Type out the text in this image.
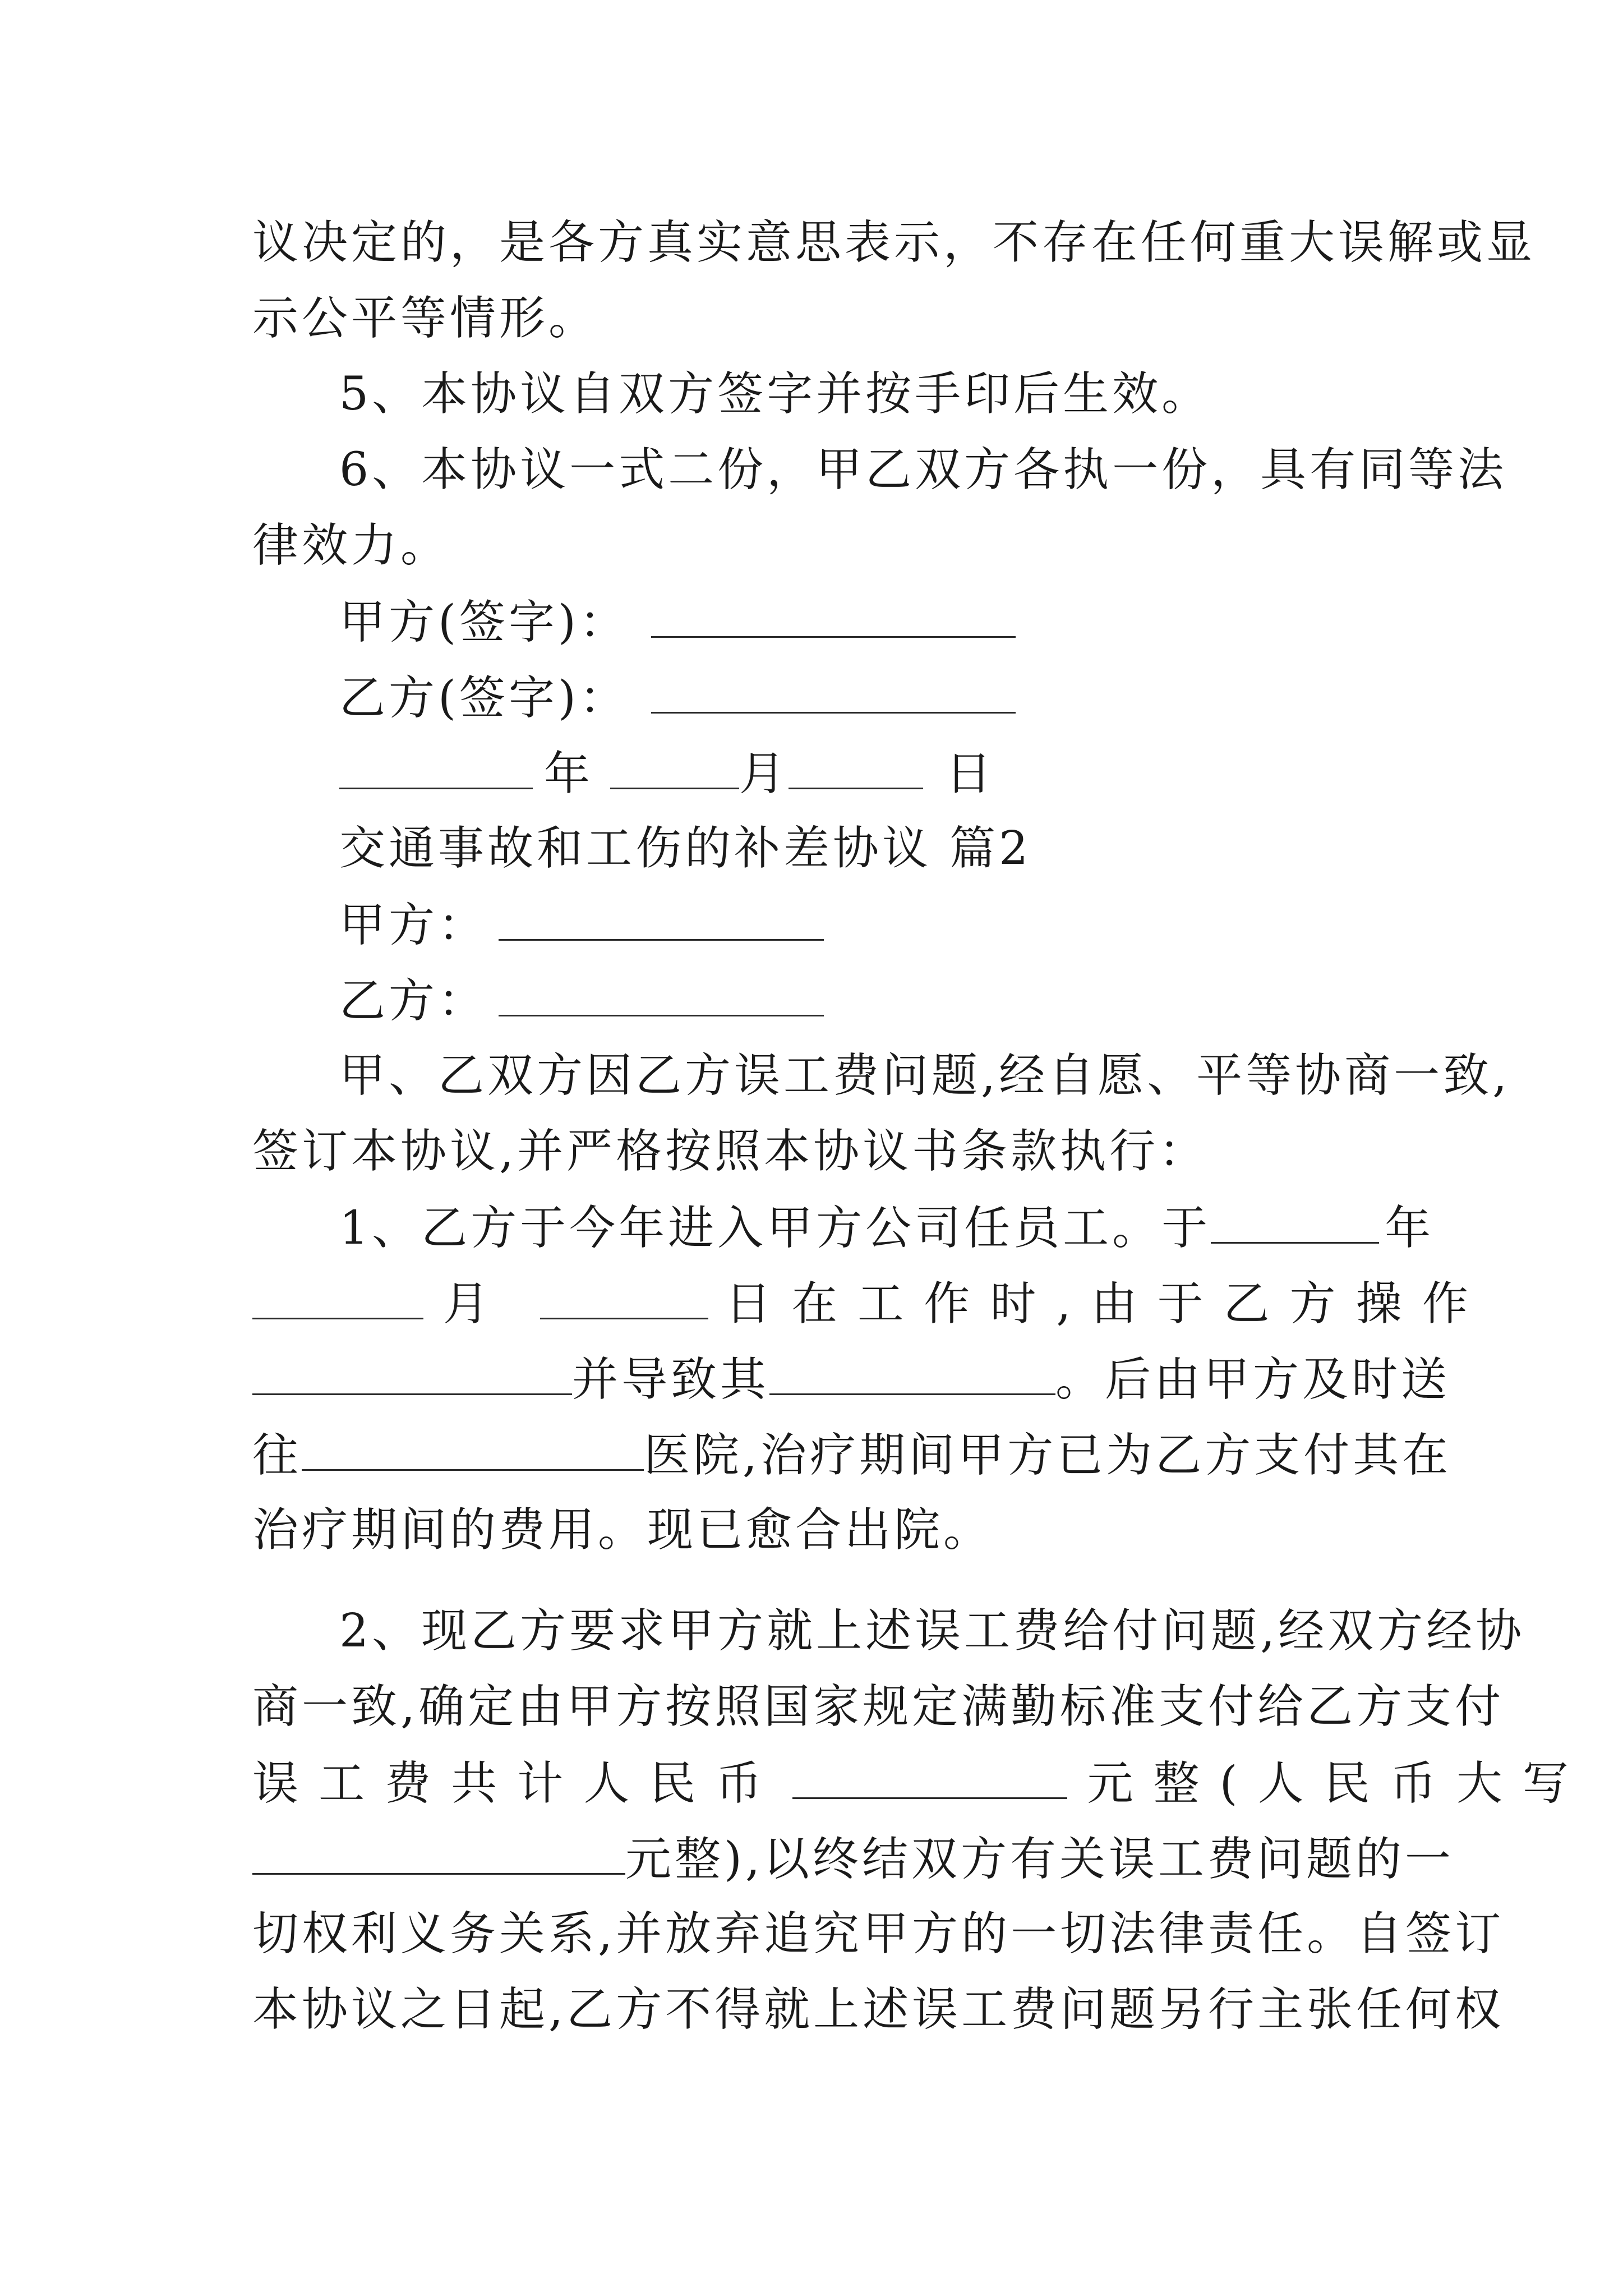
议决定的，是各方真实意思表示，不存在任何重大误解或显
示公平等情形。
5、本协议自双方签字并按手印后生效。
6、本协议一式二份，甲乙双方各执一份，具有同等法
律效力。
甲方(签字)：
乙方(签字)：
年	月	日
交通事故和工伤的补差协议 篇2
甲方：
乙方：
甲、乙双方因乙方误工费问题,经自愿、平等协商一致,
签订本协议,并严格按照本协议书条款执行：
1、乙方于今年进入甲方公司任员工。于	年
月	日 在 工 作 时 , 由 于 乙 方 操 作
并导致其	。后由甲方及时送
往	医院,治疗期间甲方已为乙方支付其在
治疗期间的费用。现已愈合出院。
2、现乙方要求甲方就上述误工费给付问题,经双方经协
商一致,确定由甲方按照国家规定满勤标准支付给乙方支付
误 工 费 共 计 人 民 币	元 整 ( 人 民 币 大 写
元整),以终结双方有关误工费问题的一
切权利义务关系,并放弃追究甲方的一切法律责任。自签订
本协议之日起,乙方不得就上述误工费问题另行主张任何权
